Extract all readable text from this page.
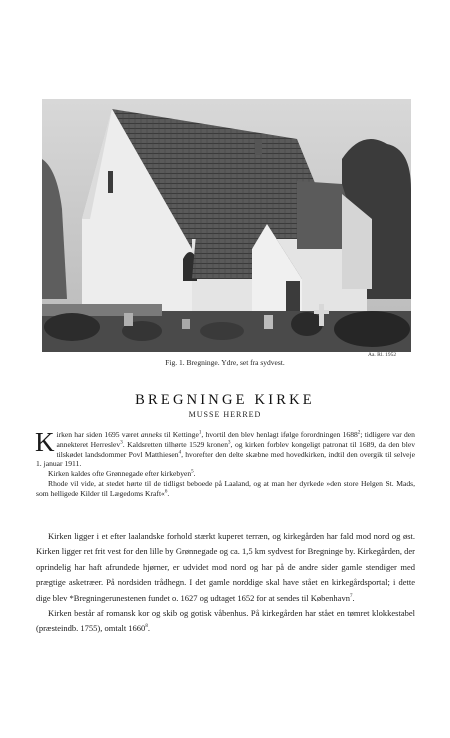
Aa. Rl. 1952
Fig. 1. Bregninge. Ydre, set fra sydvest.
BREGNINGE KIRKE
MUSSE HERRED

Kirken har siden 1695 været anneks til Kettinge$^1$, hvortil den blev henlagt ifølge forordningen 1688$^2$; tidligere var den annekteret Herreslev$^3$. Kaldsretten tilhørte 1529 kronen$^3$, og kirken forblev kongeligt patronat til 1689, da den blev tilskødet landsdommer Povl Matthiesen$^4$, hvorefter den delte skæbne med hovedkirken, indtil den overgik til selveje 1. januar 1911.

Kirken kaldes ofte Grønnegade efter kirkebyen$^5$.

Rhode vil vide, at stedet hørte til de tidligst beboede på Laaland, og at man her dyrkede »den store Helgen St. Mads, som helligede Kilder til Lægedoms Kraft«$^6$.

Kirken ligger i et efter laalandske forhold stærkt kuperet terræn, og kirkegården har fald mod nord og øst. Kirken ligger ret frit vest for den lille by Grønnegade og ca. 1,5 km sydvest for Bregninge by. Kirkegården, der oprindelig har haft afrundede hjørner, er udvidet mod nord og har på de andre sider gamle stendiger med prægtige asketræer. På nordsiden trådhegn. I det gamle norddige skal have stået en kirkegårdsportal; i dette dige blev *Bregningerunestenen fundet o. 1627 og udtaget 1652 for at sendes til København$^7$.

Kirken består af romansk kor og skib og gotisk våbenhus. På kirkegården har stået en tømret klokkestabel (præsteindb. 1755), omtalt 1660$^8$.
